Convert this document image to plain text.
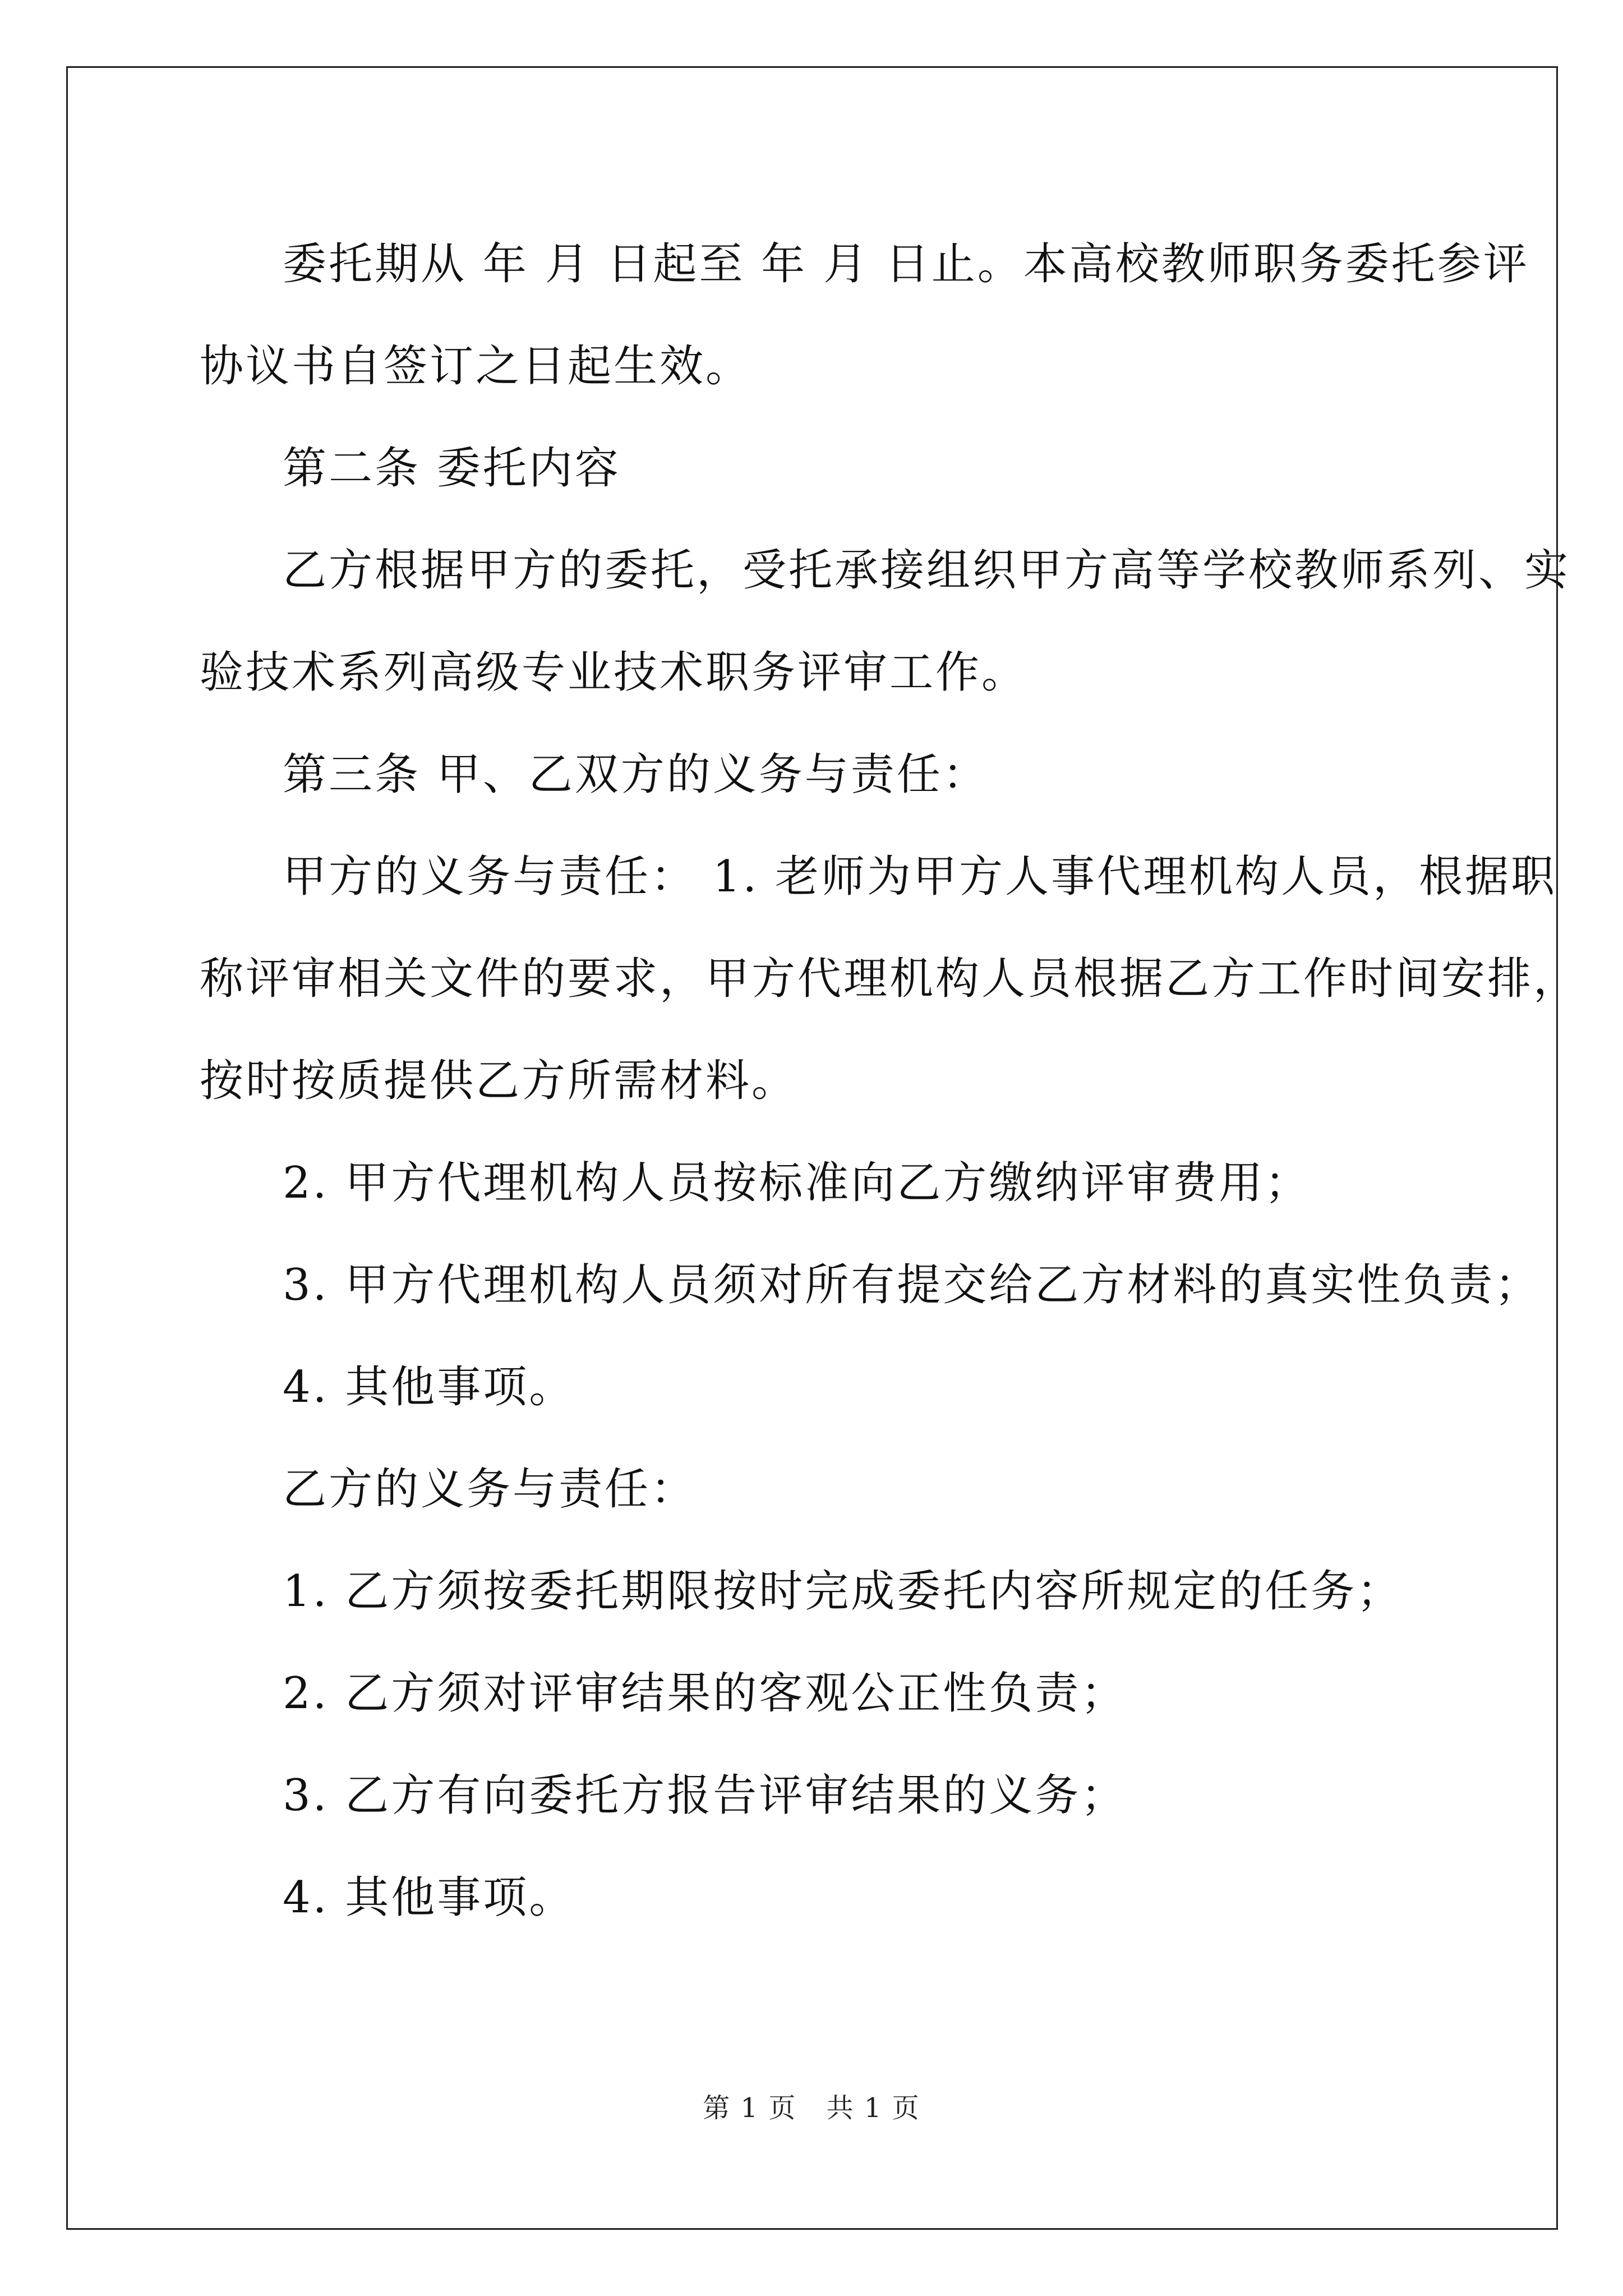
委托期从 年 月 日起至 年 月 日止。本高校教师职务委托参评
协议书自签订之日起生效。

第二条 委托内容

乙方根据甲方的委托，受托承接组织甲方高等学校教师系列、实
验技术系列高级专业技术职务评审工作。

第三条 甲、乙双方的义务与责任：

甲方的义务与责任： 1. 老师为甲方人事代理机构人员，根据职
称评审相关文件的要求，甲方代理机构人员根据乙方工作时间安排，
按时按质提供乙方所需材料。

2. 甲方代理机构人员按标准向乙方缴纳评审费用；

3. 甲方代理机构人员须对所有提交给乙方材料的真实性负责；

4. 其他事项。

乙方的义务与责任：

1. 乙方须按委托期限按时完成委托内容所规定的任务；

2. 乙方须对评审结果的客观公正性负责；

3. 乙方有向委托方报告评审结果的义务；

4. 其他事项。

第 1 页 共 1 页
